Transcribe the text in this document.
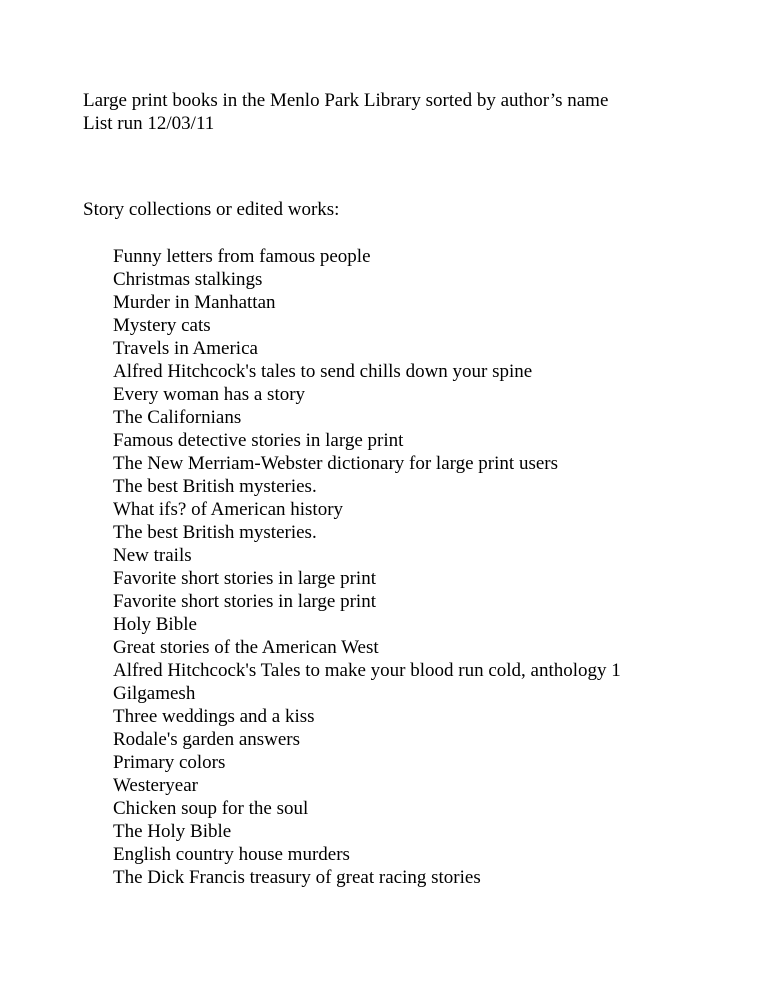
Large print books in the Menlo Park Library sorted by author’s name
List run 12/03/11
Story collections or edited works:
Funny letters from famous people
Christmas stalkings
Murder in Manhattan
Mystery cats
Travels in America
Alfred Hitchcock's tales to send chills down your spine
Every woman has a story
The Californians
Famous detective stories in large print
The New Merriam-Webster dictionary for large print users
The best British mysteries.
What ifs? of American history
The best British mysteries.
New trails
Favorite short stories in large print
Favorite short stories in large print
Holy Bible
Great stories of the American West
Alfred Hitchcock's Tales to make your blood run cold, anthology 1
Gilgamesh
Three weddings and a kiss
Rodale's garden answers
Primary colors
Westeryear
Chicken soup for the soul
The Holy Bible
English country house murders
The Dick Francis treasury of great racing stories
